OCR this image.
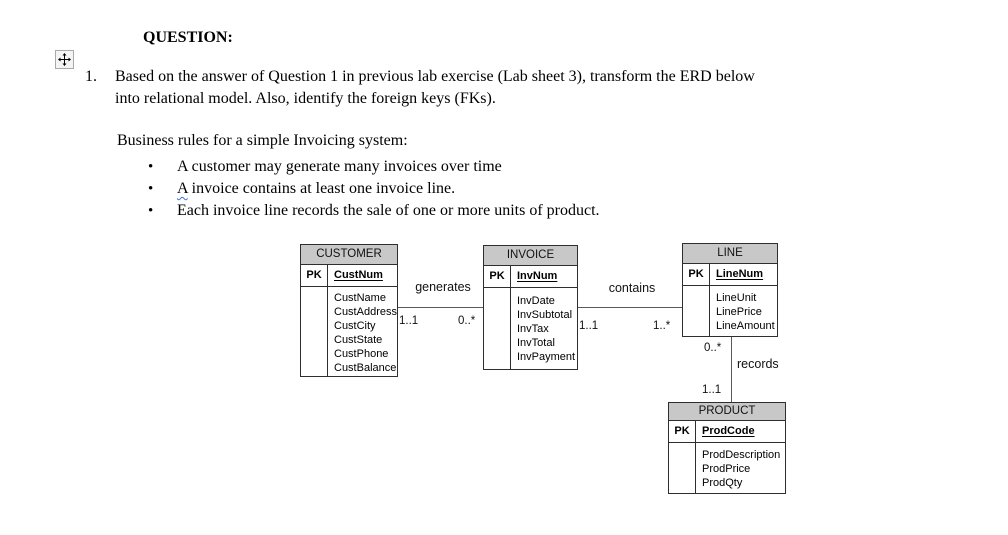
QUESTION:
1. Based on the answer of Question 1 in previous lab exercise (Lab sheet 3), transform the ERD below
into relational model. Also, identify the foreign keys (FKs).
Business rules for a simple Invoicing system:
•	A customer may generate many invoices over time
•	A invoice contains at least one invoice line.
•	Each invoice line records the sale of one or more units of product.
CUSTOMER
PK	CustNum
CustName
CustAddress
CustCity
CustState
CustPhone
CustBalance
INVOICE
PK	InvNum
InvDate
InvSubtotal
InvTax
InvTotal
InvPayment
LINE
PK	LineNum
LineUnit
LinePrice
LineAmount
PRODUCT
PK	ProdCode
ProdDescription
ProdPrice
ProdQty
generates
1..1	0..*
contains
1..1	1..*
0..*
records
1..1
